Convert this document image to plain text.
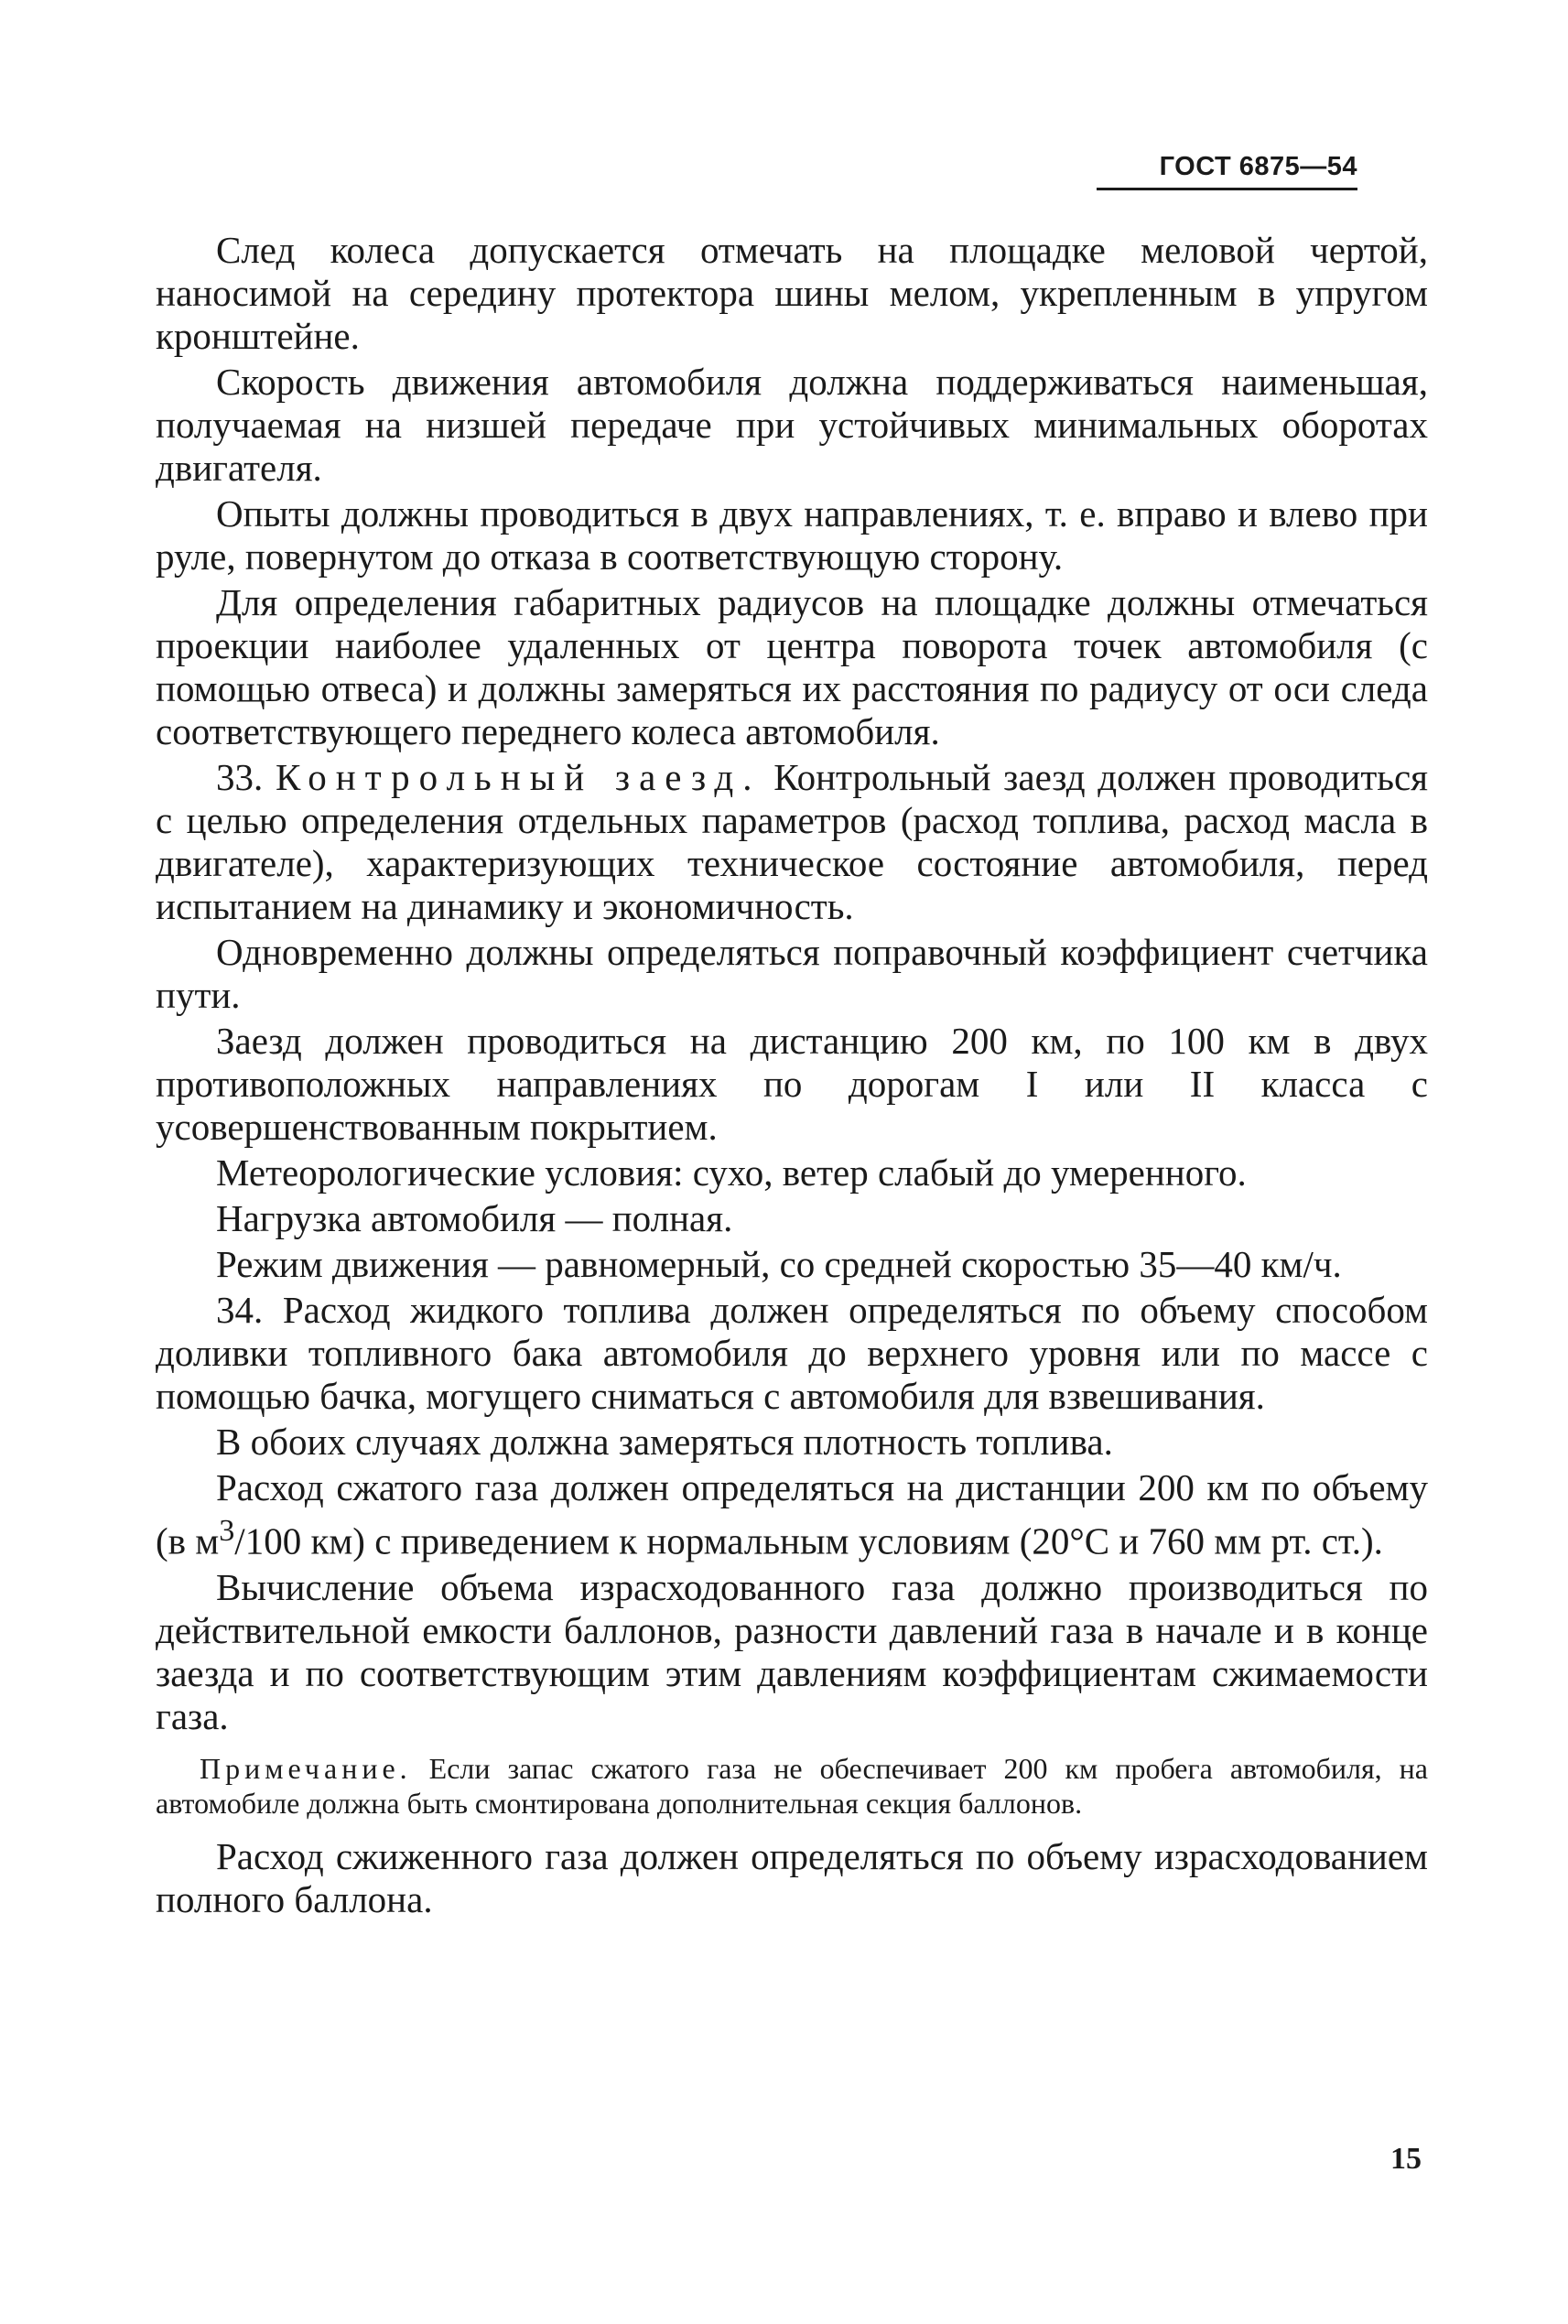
ГОСТ 6875—54

След колеса допускается отмечать на площадке меловой чертой, наносимой на середину протектора шины мелом, укрепленным в упругом кронштейне.

Скорость движения автомобиля должна поддерживаться наименьшая, получаемая на низшей передаче при устойчивых минимальных оборотах двигателя.

Опыты должны проводиться в двух направлениях, т. е. вправо и влево при руле, повернутом до отказа в соответствующую сторону.

Для определения габаритных радиусов на площадке должны отмечаться проекции наиболее удаленных от центра поворота точек автомобиля (с помощью отвеса) и должны замеряться их расстояния по радиусу от оси следа соответствующего переднего колеса автомобиля.

33. Контрольный заезд. Контрольный заезд должен проводиться с целью определения отдельных параметров (расход топлива, расход масла в двигателе), характеризующих техническое состояние автомобиля, перед испытанием на динамику и экономичность.

Одновременно должны определяться поправочный коэффициент счетчика пути.

Заезд должен проводиться на дистанцию 200 км, по 100 км в двух противоположных направлениях по дорогам I или II класса с усовершенствованным покрытием.

Метеорологические условия: сухо, ветер слабый до умеренного.

Нагрузка автомобиля — полная.

Режим движения — равномерный, со средней скоростью 35—40 км/ч.

34. Расход жидкого топлива должен определяться по объему способом доливки топливного бака автомобиля до верхнего уровня или по массе с помощью бачка, могущего сниматься с автомобиля для взвешивания.

В обоих случаях должна замеряться плотность топлива.

Расход сжатого газа должен определяться на дистанции 200 км по объему (в $м^3/100$ км) с приведением к нормальным условиям (20°С и 760 мм рт. ст.).

Вычисление объема израсходованного газа должно производиться по действительной емкости баллонов, разности давлений газа в начале и в конце заезда и по соответствующим этим давлениям коэффициентам сжимаемости газа.

Примечание. Если запас сжатого газа не обеспечивает 200 км пробега автомобиля, на автомобиле должна быть смонтирована дополнительная секция баллонов.

Расход сжиженного газа должен определяться по объему израсходованием полного баллона.

15
